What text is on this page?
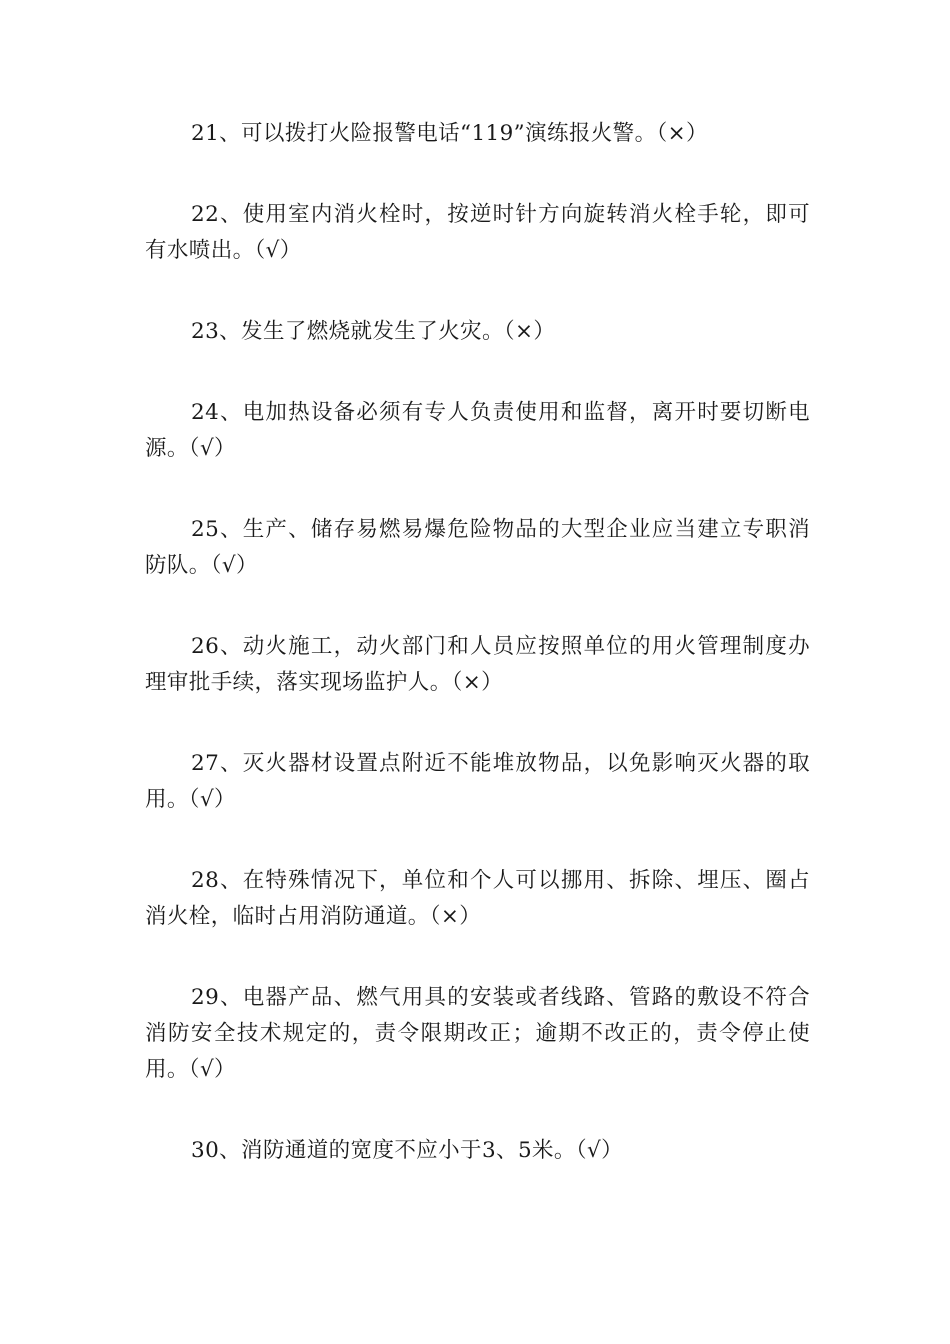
21、可以拨打火险报警电话“119”演练报火警。（×）

22、使用室内消火栓时，按逆时针方向旋转消火栓手轮，即可有水喷出。（√）

23、发生了燃烧就发生了火灾。（×）

24、电加热设备必须有专人负责使用和监督，离开时要切断电源。（√）

25、生产、储存易燃易爆危险物品的大型企业应当建立专职消防队。（√）

26、动火施工，动火部门和人员应按照单位的用火管理制度办理审批手续，落实现场监护人。（×）

27、灭火器材设置点附近不能堆放物品，以免影响灭火器的取用。（√）

28、在特殊情况下，单位和个人可以挪用、拆除、埋压、圈占消火栓，临时占用消防通道。（×）

29、电器产品、燃气用具的安装或者线路、管路的敷设不符合消防安全技术规定的，责令限期改正；逾期不改正的，责令停止使用。（√）

30、消防通道的宽度不应小于3、5米。（√）
